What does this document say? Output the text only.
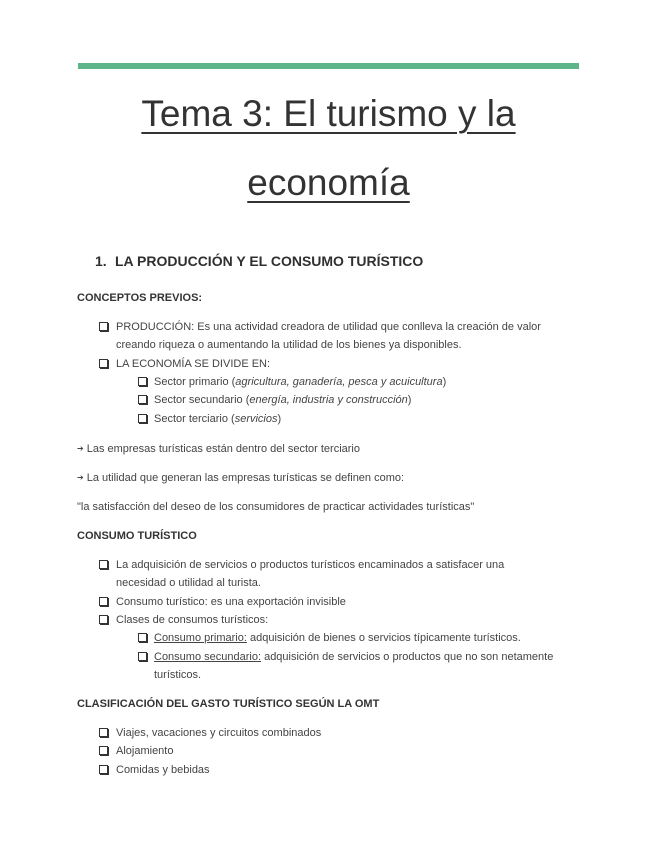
Tema 3: El turismo y la
economía
1. LA PRODUCCIÓN Y EL CONSUMO TURÍSTICO
CONCEPTOS PREVIOS:
PRODUCCIÓN: Es una actividad creadora de utilidad que conlleva la creación de valor
creando riqueza o aumentando la utilidad de los bienes ya disponibles.
LA ECONOMÍA SE DIVIDE EN:
Sector primario (agricultura, ganadería, pesca y acuicultura)
Sector secundario (energía, industria y construcción)
Sector terciario (servicios)
➔ Las empresas turísticas están dentro del sector terciario
➔ La utilidad que generan las empresas turísticas se definen como:
"la satisfacción del deseo de los consumidores de practicar actividades turísticas"
CONSUMO TURÍSTICO
La adquisición de servicios o productos turísticos encaminados a satisfacer una
necesidad o utilidad al turista.
Consumo turístico: es una exportación invisible
Clases de consumos turísticos:
Consumo primario: adquisición de bienes o servicios típicamente turísticos.
Consumo secundario: adquisición de servicios o productos que no son netamente
turísticos.
CLASIFICACIÓN DEL GASTO TURÍSTICO SEGÚN LA OMT
Viajes, vacaciones y circuitos combinados
Alojamiento
Comidas y bebidas
